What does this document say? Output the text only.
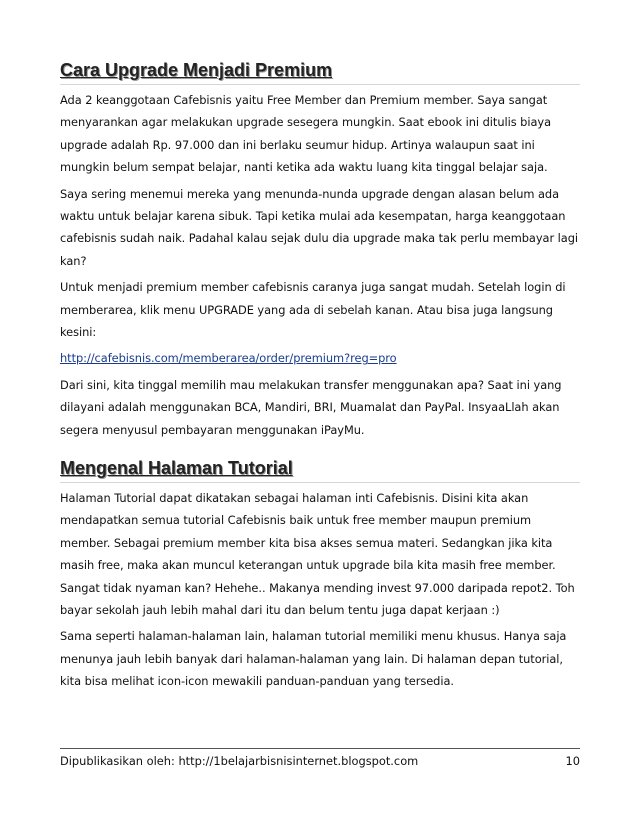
Cara Upgrade Menjadi Premium

Ada 2 keanggotaan Cafebisnis yaitu Free Member dan Premium member. Saya sangat menyarankan agar melakukan upgrade sesegera mungkin. Saat ebook ini ditulis biaya upgrade adalah Rp. 97.000 dan ini berlaku seumur hidup. Artinya walaupun saat ini mungkin belum sempat belajar, nanti ketika ada waktu luang kita tinggal belajar saja.

Saya sering menemui mereka yang menunda-nunda upgrade dengan alasan belum ada waktu untuk belajar karena sibuk. Tapi ketika mulai ada kesempatan, harga keanggotaan cafebisnis sudah naik. Padahal kalau sejak dulu dia upgrade maka tak perlu membayar lagi kan?

Untuk menjadi premium member cafebisnis caranya juga sangat mudah. Setelah login di memberarea, klik menu UPGRADE yang ada di sebelah kanan. Atau bisa juga langsung kesini:

http://cafebisnis.com/memberarea/order/premium?reg=pro

Dari sini, kita tinggal memilih mau melakukan transfer menggunakan apa? Saat ini yang dilayani adalah menggunakan BCA, Mandiri, BRI, Muamalat dan PayPal. InsyaaLlah akan segera menyusul pembayaran menggunakan iPayMu.

Mengenal Halaman Tutorial

Halaman Tutorial dapat dikatakan sebagai halaman inti Cafebisnis. Disini kita akan mendapatkan semua tutorial Cafebisnis baik untuk free member maupun premium member. Sebagai premium member kita bisa akses semua materi. Sedangkan jika kita masih free, maka akan muncul keterangan untuk upgrade bila kita masih free member. Sangat tidak nyaman kan? Hehehe.. Makanya mending invest 97.000 daripada repot2. Toh bayar sekolah jauh lebih mahal dari itu dan belum tentu juga dapat kerjaan :)

Sama seperti halaman-halaman lain, halaman tutorial memiliki menu khusus. Hanya saja menunya jauh lebih banyak dari halaman-halaman yang lain. Di halaman depan tutorial, kita bisa melihat icon-icon mewakili panduan-panduan yang tersedia.

Dipublikasikan oleh: http://1belajarbisnisinternet.blogspot.com	10
